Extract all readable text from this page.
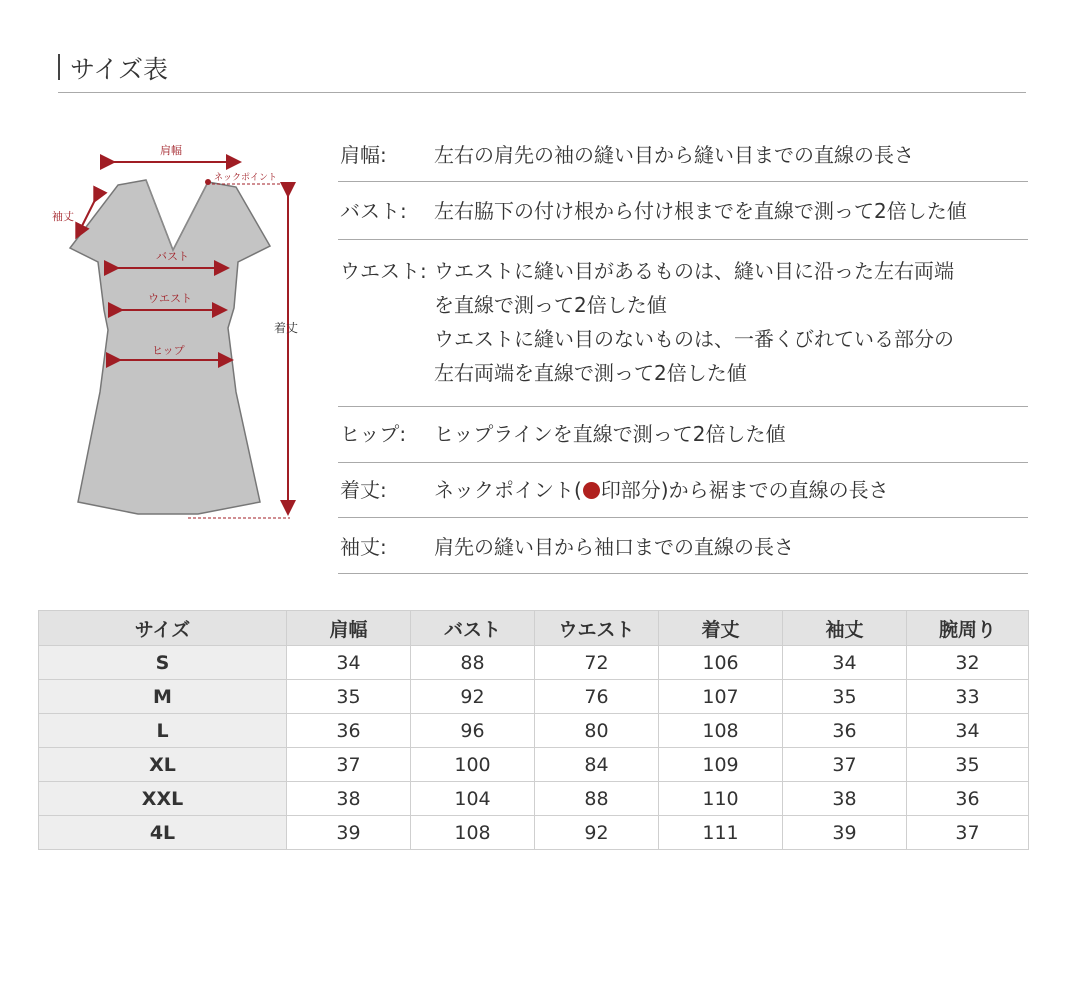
サイズ表
肩幅
ネックポイント
袖丈
バスト
ウエスト
ヒップ
着丈
肩幅: 左右の肩先の袖の縫い目から縫い目までの直線の長さ
バスト: 左右脇下の付け根から付け根までを直線で測って2倍した値
ウエスト: ウエストに縫い目があるものは、縫い目に沿った左右両端
を直線で測って2倍した値
ウエストに縫い目のないものは、一番くびれている部分の
左右両端を直線で測って2倍した値
ヒップ: ヒップラインを直線で測って2倍した値
着丈: ネックポイント( 印部分)から裾までの直線の長さ
袖丈: 肩先の縫い目から袖口までの直線の長さ
サイズ	肩幅	バスト	ウエスト	着丈	袖丈	腕周り
S	34	88	72	106	34	32
M	35	92	76	107	35	33
L	36	96	80	108	36	34
XL	37	100	84	109	37	35
XXL	38	104	88	110	38	36
4L	39	108	92	111	39	37
